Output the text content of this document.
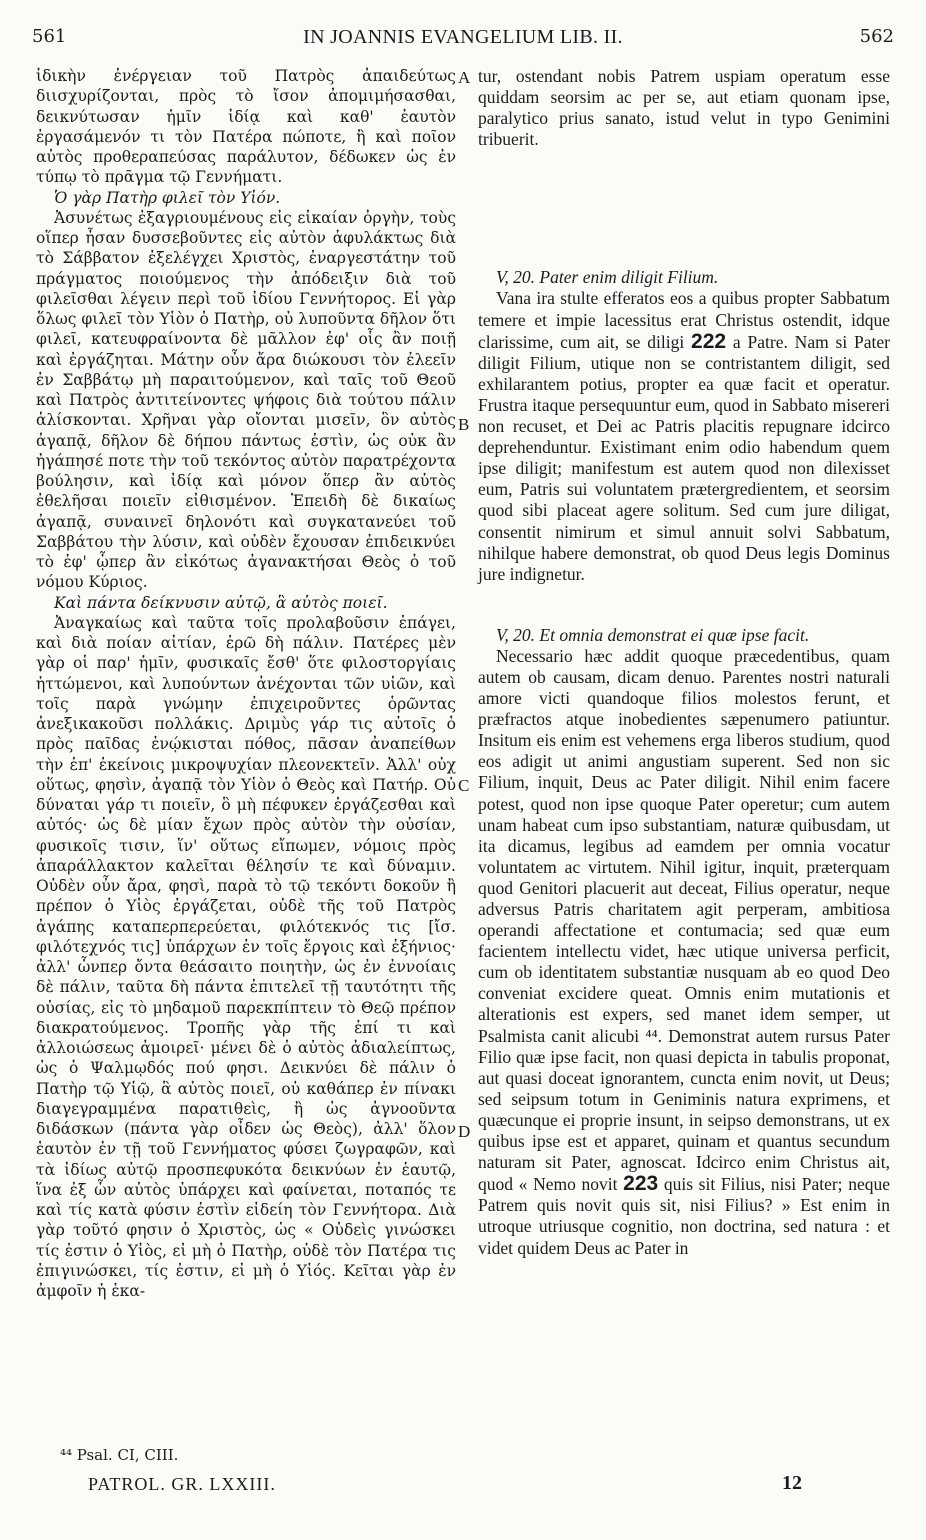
561	IN JOANNIS EVANGELIUM LIB. II.	562

ἰδικὴν ἐνέργειαν τοῦ Πατρὸς ἀπαιδεύτως διισχυρίζονται, πρὸς τὸ ἴσον ἀπομιμήσασθαι, δεικνύτωσαν ἡμῖν ἰδίᾳ καὶ καθ' ἑαυτὸν ἐργασάμενόν τι τὸν Πατέρα πώποτε, ἢ καὶ ποῖον αὐτὸς προθεραπεύσας παράλυτον, δέδωκεν ὡς ἐν τύπῳ τὸ πρᾶγμα τῷ Γεννήματι.

Ὁ γὰρ Πατὴρ φιλεῖ τὸν Υἱόν.

Ἀσυνέτως ἐξαγριουμένους εἰς εἰκαίαν ὀργὴν, τοὺς οἵπερ ἦσαν δυσσεβοῦντες εἰς αὐτὸν ἀφυλάκτως διὰ τὸ Σάββατον ἐξελέγχει Χριστὸς, ἐναργεστάτην τοῦ πράγματος ποιούμενος τὴν ἀπόδειξιν διὰ τοῦ φιλεῖσθαι λέγειν περὶ τοῦ ἰδίου Γεννήτορος. Εἰ γὰρ ὅλως φιλεῖ τὸν Υἱὸν ὁ Πατὴρ, οὐ λυποῦντα δῆλον ὅτι φιλεῖ, κατευφραίνοντα δὲ μᾶλλον ἐφ' οἷς ἂν ποιῇ καὶ ἐργάζηται. Μάτην οὖν ἄρα διώκουσι τὸν ἐλεεῖν ἐν Σαββάτῳ μὴ παραιτούμενον, καὶ ταῖς τοῦ Θεοῦ καὶ Πατρὸς ἀντιτείνοντες ψήφοις διὰ τούτου πάλιν ἁλίσκονται. Χρῆναι γὰρ οἴονται μισεῖν, ὃν αὐτὸς ἀγαπᾷ, δῆλον δὲ δήπου πάντως ἐστὶν, ὡς οὐκ ἂν ἠγάπησέ ποτε τὴν τοῦ τεκόντος αὐτὸν παρατρέχοντα βούλησιν, καὶ ἰδίᾳ καὶ μόνον ὅπερ ἂν αὐτὸς ἐθελῆσαι ποιεῖν εἰθισμένον. Ἐπειδὴ δὲ δικαίως ἀγαπᾷ, συναινεῖ δηλονότι καὶ συγκατανεύει τοῦ Σαββάτου τὴν λύσιν, καὶ οὐδὲν ἔχουσαν ἐπιδεικνύει τὸ ἐφ' ᾧπερ ἂν εἰκότως ἀγανακτήσαι Θεὸς ὁ τοῦ νόμου Κύριος.

Καὶ πάντα δείκνυσιν αὐτῷ, ἃ αὐτὸς ποιεῖ.

Ἀναγκαίως καὶ ταῦτα τοῖς προλαβοῦσιν ἐπάγει, καὶ διὰ ποίαν αἰτίαν, ἐρῶ δὴ πάλιν. Πατέρες μὲν γὰρ οἱ παρ' ἡμῖν, φυσικαῖς ἔσθ' ὅτε φιλοστοργίαις ἡττώμενοι, καὶ λυπούντων ἀνέχονται τῶν υἱῶν, καὶ τοῖς παρὰ γνώμην ἐπιχειροῦντες ὁρῶντας ἀνεξικακοῦσι πολλάκις. Δριμὺς γάρ τις αὐτοῖς ὁ πρὸς παῖδας ἐνῴκισται πόθος, πᾶσαν ἀναπείθων τὴν ἐπ' ἐκείνοις μικροψυχίαν πλεονεκτεῖν. Ἀλλ' οὐχ οὕτως, φησὶν, ἀγαπᾷ τὸν Υἱὸν ὁ Θεὸς καὶ Πατήρ. Οὐ δύναται γάρ τι ποιεῖν, ὃ μὴ πέφυκεν ἐργάζεσθαι καὶ αὐτός· ὡς δὲ μίαν ἔχων πρὸς αὐτὸν τὴν οὐσίαν, φυσικοῖς τισιν, ἵν' οὕτως εἴπωμεν, νόμοις πρὸς ἀπαράλλακτον καλεῖται θέλησίν τε καὶ δύναμιν. Οὐδὲν οὖν ἄρα, φησὶ, παρὰ τὸ τῷ τεκόντι δοκοῦν ἢ πρέπον ὁ Υἱὸς ἐργάζεται, οὐδὲ τῆς τοῦ Πατρὸς ἀγάπης καταπερπερεύεται, φιλότεκνός τις [ἴσ. φιλότεχνός τις] ὑπάρχων ἐν τοῖς ἔργοις καὶ ἐξήνιος· ἀλλ' ὧνπερ ὄντα θεάσαιτο ποιητὴν, ὡς ἐν ἐννοίαις δὲ πάλιν, ταῦτα δὴ πάντα ἐπιτελεῖ τῇ ταυτότητι τῆς οὐσίας, εἰς τὸ μηδαμοῦ παρεκπίπτειν τὸ Θεῷ πρέπον διακρατούμενος. Τροπῆς γὰρ τῆς ἐπί τι καὶ ἀλλοιώσεως ἀμοιρεῖ· μένει δὲ ὁ αὐτὸς ἀδιαλείπτως, ὡς ὁ Ψαλμῳδός πού φησι. Δεικνύει δὲ πάλιν ὁ Πατὴρ τῷ Υἱῷ, ἃ αὐτὸς ποιεῖ, οὐ καθάπερ ἐν πίνακι διαγεγραμμένα παρατιθεὶς, ἢ ὡς ἀγνοοῦντα διδάσκων (πάντα γὰρ οἶδεν ὡς Θεὸς), ἀλλ' ὅλον ἑαυτὸν ἐν τῇ τοῦ Γεννήματος φύσει ζωγραφῶν, καὶ τὰ ἰδίως αὐτῷ προσπεφυκότα δεικνύων ἐν ἑαυτῷ, ἵνα ἐξ ὧν αὐτὸς ὑπάρχει καὶ φαίνεται, ποταπός τε καὶ τίς κατὰ φύσιν ἐστὶν εἰδείη τὸν Γεννήτορα. Διὰ γὰρ τοῦτό φησιν ὁ Χριστὸς, ὡς « Οὐδεὶς γινώσκει τίς ἐστιν ὁ Υἱὸς, εἰ μὴ ὁ Πατὴρ, οὐδὲ τὸν Πατέρα τις ἐπιγινώσκει, τίς ἐστιν, εἰ μὴ ὁ Υἱός. Κεῖται γὰρ ἐν ἀμφοῖν ἡ ἑκα-

A
B
C
D

tur, ostendant nobis Patrem uspiam operatum esse quiddam seorsim ac per se, aut etiam quonam ipse, paralytico prius sanato, istud velut in typo Genimini tribuerit.

V, 20. Pater enim diligit Filium.

Vana ira stulte efferatos eos a quibus propter Sabbatum temere et impie lacessitus erat Christus ostendit, idque clarissime, cum ait, se diligi 222 a Patre. Nam si Pater diligit Filium, utique non se contristantem diligit, sed exhilarantem potius, propter ea quæ facit et operatur. Frustra itaque persequuntur eum, quod in Sabbato misereri non recuset, et Dei ac Patris placitis repugnare idcirco deprehenduntur. Existimant enim odio habendum quem ipse diligit; manifestum est autem quod non dilexisset eum, Patris sui voluntatem prætergredientem, et seorsim quod sibi placeat agere solitum. Sed cum jure diligat, consentit nimirum et simul annuit solvi Sabbatum, nihilque habere demonstrat, ob quod Deus legis Dominus jure indignetur.

V, 20. Et omnia demonstrat ei quæ ipse facit.

Necessario hæc addit quoque præcedentibus, quam autem ob causam, dicam denuo. Parentes nostri naturali amore victi quandoque filios molestos ferunt, et præfractos atque inobedientes sæpenumero patiuntur. Insitum eis enim est vehemens erga liberos studium, quod eos adigit ut animi angustiam superent. Sed non sic Filium, inquit, Deus ac Pater diligit. Nihil enim facere potest, quod non ipse quoque Pater operetur; cum autem unam habeat cum ipso substantiam, naturæ quibusdam, ut ita dicamus, legibus ad eamdem per omnia vocatur voluntatem ac virtutem. Nihil igitur, inquit, præterquam quod Genitori placuerit aut deceat, Filius operatur, neque adversus Patris charitatem agit perperam, ambitiosa operandi affectatione et contumacia; sed quæ eum facientem intellectu videt, hæc utique universa perficit, cum ob identitatem substantiæ nusquam ab eo quod Deo conveniat excidere queat. Omnis enim mutationis et alterationis est expers, sed manet idem semper, ut Psalmista canit alicubi ⁴⁴. Demonstrat autem rursus Pater Filio quæ ipse facit, non quasi depicta in tabulis proponat, aut quasi doceat ignorantem, cuncta enim novit, ut Deus; sed seipsum totum in Geniminis natura exprimens, et quæcunque ei proprie insunt, in seipso demonstrans, ut ex quibus ipse est et apparet, quinam et quantus secundum naturam sit Pater, agnoscat. Idcirco enim Christus ait, quod « Nemo novit 223 quis sit Filius, nisi Pater; neque Patrem quis novit quis sit, nisi Filius? » Est enim in utroque utriusque cognitio, non doctrina, sed natura : et videt quidem Deus ac Pater in

⁴⁴ Psal. CI, CIII.
PATROL. GR. LXXIII.	12
